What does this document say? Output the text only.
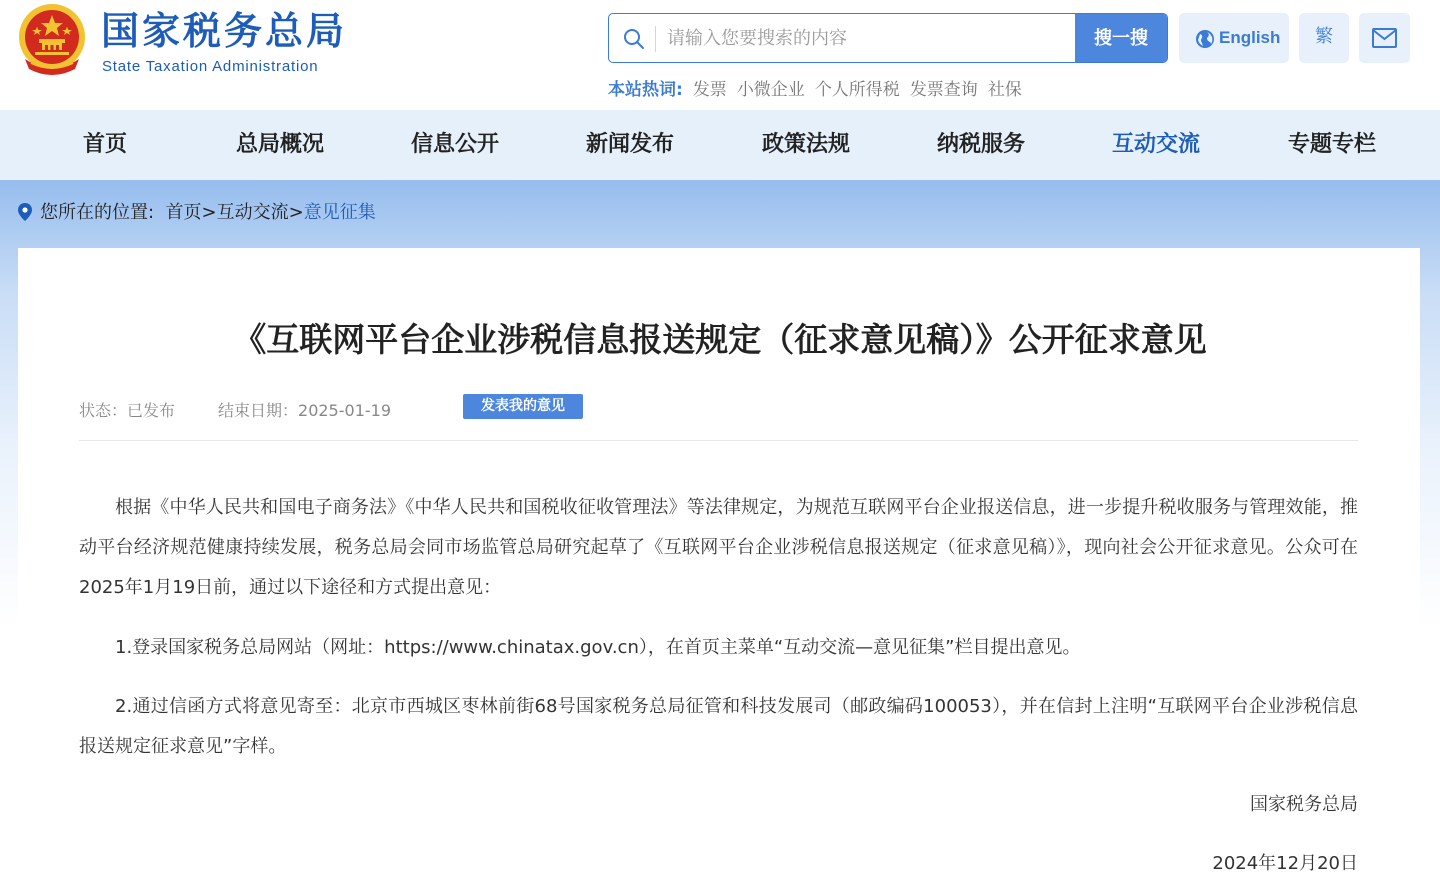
国家税务总局
State Taxation Administration
请输入您要搜索的内容
搜一搜	English	繁
本站热词: 发票 小微企业 个人所得税 发票查询 社保
首页	总局概况	信息公开	新闻发布	政策法规	纳税服务	互动交流	专题专栏
您所在的位置: 首页>互动交流>意见征集
《互联网平台企业涉税信息报送规定（征求意见稿）》公开征求意见
状态：已发布	结束日期：2025-01-19	发表我的意见
根据《中华人民共和国电子商务法》《中华人民共和国税收征收管理法》等法律规定，为规范互联网平台企业报送信息，进一步提升税收服务与管理效能，推动平台经济规范健康持续发展，税务总局会同市场监管总局研究起草了《互联网平台企业涉税信息报送规定（征求意见稿）》，现向社会公开征求意见。公众可在2025年1月19日前，通过以下途径和方式提出意见：
1.登录国家税务总局网站（网址：https://www.chinatax.gov.cn），在首页主菜单“互动交流—意见征集”栏目提出意见。
2.通过信函方式将意见寄至：北京市西城区枣林前街68号国家税务总局征管和科技发展司（邮政编码100053），并在信封上注明“互联网平台企业涉税信息报送规定征求意见”字样。
国家税务总局
2024年12月20日
